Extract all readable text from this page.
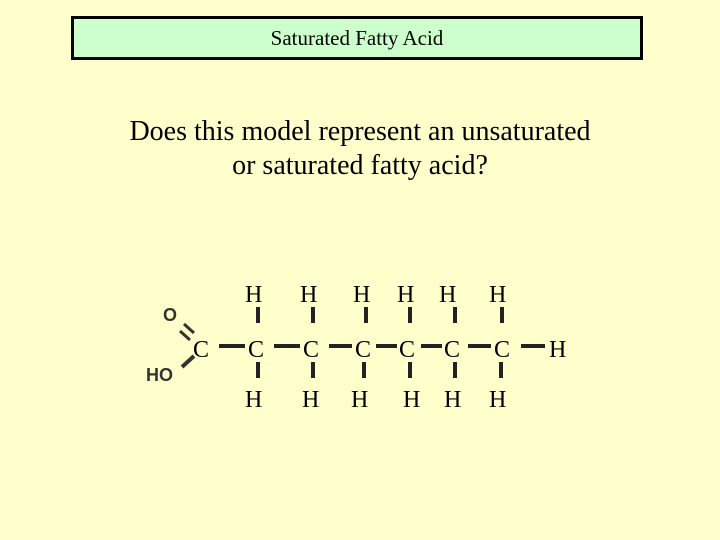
Saturated Fatty Acid
Does this model represent an unsaturated
or saturated fatty acid?
O
HO
C C C C C C C H
H H H H H H
H H H H H H
